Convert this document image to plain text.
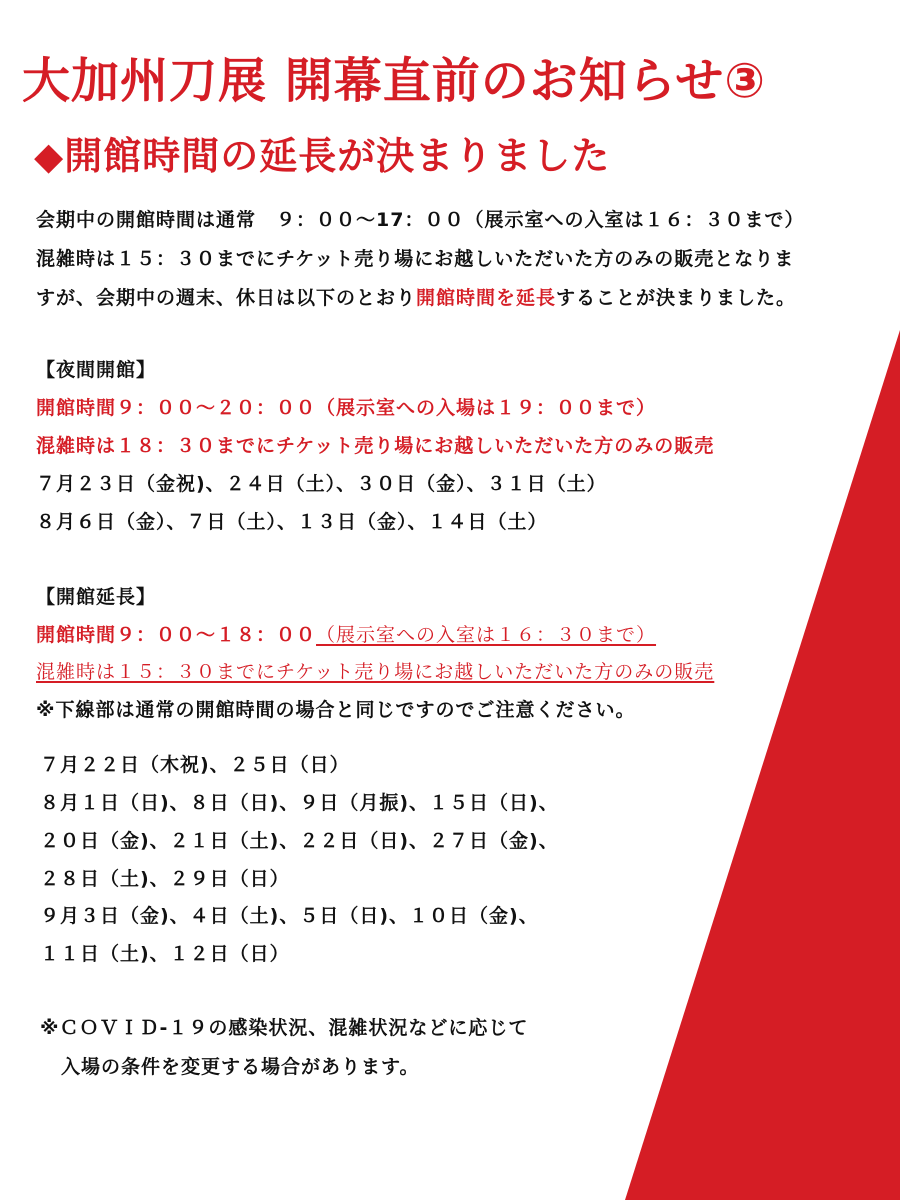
大加州刀展 開幕直前のお知らせ③
◆開館時間の延長が決まりました

会期中の開館時間は通常　９：００～17：００（展示室への入室は１６：３０まで）

混雑時は１５：３０までにチケット売り場にお越しいただいた方のみの販売となりま

すが、会期中の週末、休日は以下のとおり開館時間を延長することが決まりました。

【夜間開館】

開館時間９：００～２０：００（展示室への入場は１９：００まで）

混雑時は１８：３０までにチケット売り場にお越しいただいた方のみの販売

７月２３日（金祝)、２４日（土）、３０日（金）、３１日（土）

８月６日（金）、７日（土）、１３日（金）、１４日（土）

【開館延長】

開館時間９：００～１８：００（展示室への入室は１６：３０まで）

混雑時は１５：３０までにチケット売り場にお越しいただいた方のみの販売

※下線部は通常の開館時間の場合と同じですのでご注意ください。

７月２２日（木祝)、２５日（日）

８月１日（日)、８日（日)、９日（月振)、１５日（日)、

２０日（金)、２１日（土)、２２日（日)、２７日（金)、

２８日（土)、２９日（日）

９月３日（金)、４日（土)、５日（日)、１０日（金)、

１１日（土)、１２日（日）

※ＣＯＶＩＤ-１９の感染状況、混雑状況などに応じて

入場の条件を変更する場合があります。
